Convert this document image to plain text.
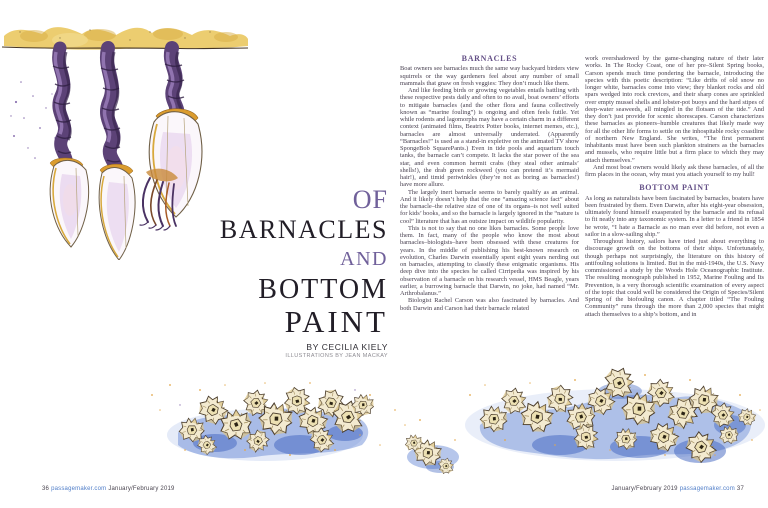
OF
BARNACLES
AND
BOTTOM
PAINT
BY CECILIA KIELY
ILLUSTRATIONS BY JEAN MACKAY
36 passagemaker.com January/February 2019
BARNACLES

Boat owners see barnacles much the same way backyard birders view squirrels or the way gardeners feel about any number of small mammals that gnaw on fresh veggies: They don’t much like them.

And like feeding birds or growing vegetables entails battling with these respective pests daily and often to no avail, boat owners’ efforts to mitigate barnacles (and the other flora and fauna collectively known as “marine fouling”) is ongoing and often feels futile. Yet while rodents and lagomorphs may have a certain charm in a different context (animated films, Beatrix Potter books, internet memes, etc.), barnacles are almost universally underrated. (Apparently “Barnacles!” is used as a stand-in expletive on the animated TV show SpongeBob SquarePants.) Even in tide pools and aquarium touch tanks, the barnacle can’t compete. It lacks the star power of the sea star, and even common hermit crabs (they steal other animals’ shells!), the drab green rockweed (you can pretend it’s mermaid hair!), and timid periwinkles (they’re not as boring as barnacles!) have more allure.

The largely inert barnacle seems to barely qualify as an animal. And it likely doesn’t help that the one “amazing science fact” about the barnacle–the relative size of one of its organs–is not well suited for kids’ books, and so the barnacle is largely ignored in the “nature is cool” literature that has an outsize impact on wildlife popularity.

This is not to say that no one likes barnacles. Some people love them. In fact, many of the people who know the most about barnacles–biologists–have been obsessed with these creatures for years. In the middle of publishing his best-known research on evolution, Charles Darwin essentially spent eight years nerding out on barnacles, attempting to classify these enigmatic organisms. His deep dive into the species he called Cirripedia was inspired by his observation of a barnacle on his research vessel, HMS Beagle, years earlier, a burrowing barnacle that Darwin, no joke, had named “Mr. Arthrobalanus.”

Biologist Rachel Carson was also fascinated by barnacles. And both Darwin and Carson had their barnacle related

work overshadowed by the game-changing nature of their later works. In The Rocky Coast, one of her pre–Silent Spring books, Carson spends much time pondering the barnacle, introducing the species with this poetic description: “Like drifts of old snow no longer white, barnacles come into view; they blanket rocks and old spars wedged into rock crevices, and their sharp cones are sprinkled over empty mussel shells and lobster-pot buoys and the hard stipes of deep-water seaweeds, all mingled in the flotsam of the tide.” And they don’t just provide for scenic shorescapes. Carson characterizes these barnacles as pioneers–humble creatures that likely made way for all the other life forms to settle on the inhospitable rocky coastline of northern New England. She writes, “The first permanent inhabitants must have been such plankton strainers as the barnacles and mussels, who require little but a firm place to which they may attach themselves.”

And most boat owners would likely ask these barnacles, of all the firm places in the ocean, why must you attach yourself to my hull!

BOTTOM PAINT

As long as naturalists have been fascinated by barnacles, boaters have been frustrated by them. Even Darwin, after his eight-year obsession, ultimately found himself exasperated by the barnacle and its refusal to fit neatly into any taxonomic system. In a letter to a friend in 1854 he wrote, “I hate a Barnacle as no man ever did before, not even a sailor in a slow-sailing ship.”

Throughout history, sailors have tried just about everything to discourage growth on the bottoms of their ships. Unfortunately, though perhaps not surprisingly, the literature on this history of antifouling solutions is limited. But in the mid-1940s, the U.S. Navy commissioned a study by the Woods Hole Oceanographic Institute. The resulting monograph published in 1952, Marine Fouling and Its Prevention, is a very thorough scientific examination of every aspect of the topic that could well be considered the Origin of Species/Silent Spring of the biofouling canon. A chapter titled “The Fouling Community” runs through the more than 2,000 species that might attach themselves to a ship’s bottom, and in

January/February 2019 passagemaker.com 37
